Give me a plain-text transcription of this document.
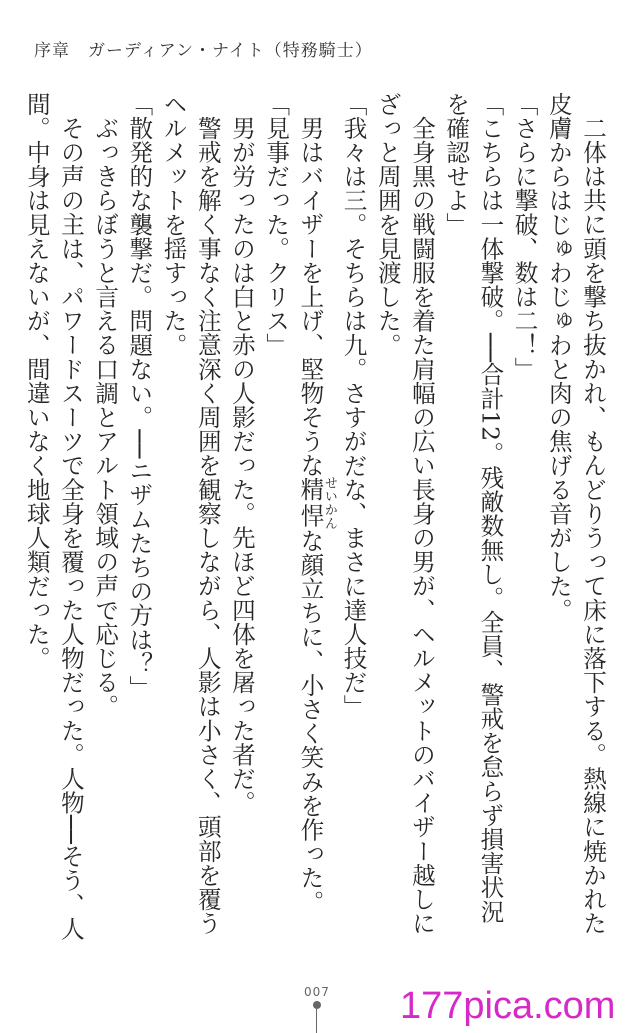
序章 ガーディアン・ナイト（特務騎士）

二体は共に頭を撃ち抜かれ、もんどりうって床に落下する。熱線に焼かれた皮膚からはじゅわじゅわと肉の焦げる音がした。

「さらに撃破、数は二！」

「こちらは一体撃破。──合計12。残敵数無し。全員、警戒を怠らず損害状況を確認せよ」

全身黒の戦闘服を着た肩幅の広い長身の男が、ヘルメットのバイザー越しにざっと周囲を見渡した。

「我々は三。そちらは九。さすがだな、まさに達人技だ」

男はバイザーを上げ、堅物そうな精悍せいかんな顔立ちに、小さく笑みを作った。

「見事だった。クリス」

男が労ったのは白と赤の人影だった。先ほど四体を屠った者だ。

警戒を解く事なく注意深く周囲を観察しながら、人影は小さく、頭部を覆うヘルメットを揺すった。

「散発的な襲撃だ。問題ない。──ニザムたちの方は？」

ぶっきらぼうと言える口調とアルト領域の声で応じる。

その声の主は、パワードスーツで全身を覆った人物だった。人物──そう、人間。中身は見えないが、間違いなく地球人類だった。

007 177pica.com
